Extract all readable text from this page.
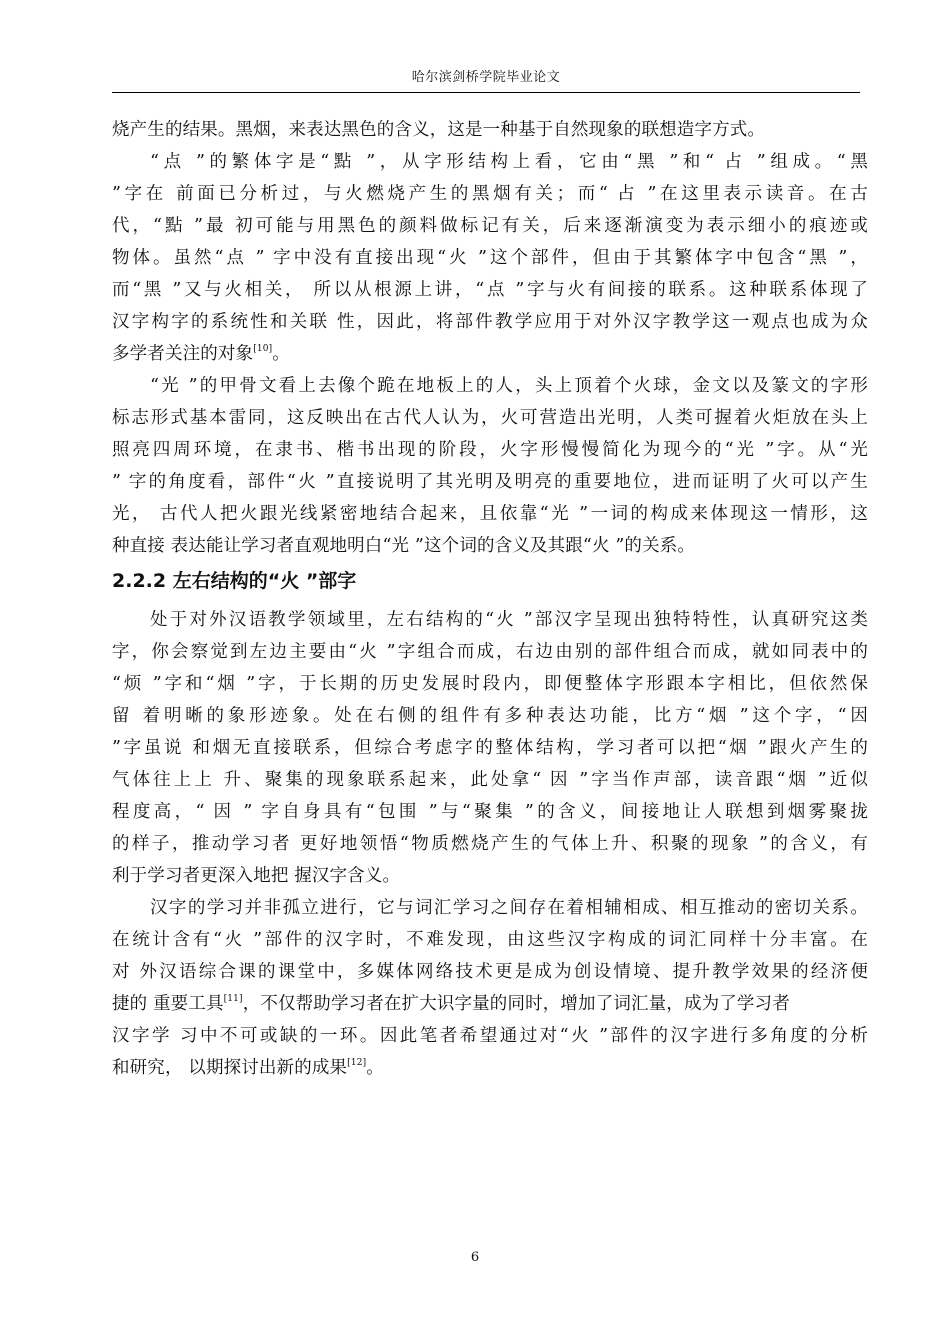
哈尔滨剑桥学院毕业论文
烧产生的结果。黑烟，来表达黑色的含义，这是一种基于自然现象的联想造字方式。
“点 ”的繁体字是“點 ”，从字形结构上看，它由“黑 ”和“ 占 ”组成。“黑
”字在 前面已分析过，与火燃烧产生的黑烟有关；而“ 占 ”在这里表示读音。在古
代，“點 ”最 初可能与用黑色的颜料做标记有关，后来逐渐演变为表示细小的痕迹或
物体。虽然“点 ” 字中没有直接出现“火 ”这个部件，但由于其繁体字中包含“黑 ”，
而“黑 ”又与火相关， 所以从根源上讲，“点 ”字与火有间接的联系。这种联系体现了
汉字构字的系统性和关联 性，因此，将部件教学应用于对外汉字教学这一观点也成为众
多学者关注的对象[10]。
“光 ”的甲骨文看上去像个跪在地板上的人，头上顶着个火球，金文以及篆文的字形
标志形式基本雷同，这反映出在古代人认为，火可营造出光明，人类可握着火炬放在头上
照亮四周环境，在隶书、楷书出现的阶段，火字形慢慢简化为现今的“光 ”字。从“光
” 字的角度看，部件“火 ”直接说明了其光明及明亮的重要地位，进而证明了火可以产生
光， 古代人把火跟光线紧密地结合起来，且依靠“光 ”一词的构成来体现这一情形，这
种直接 表达能让学习者直观地明白“光 ”这个词的含义及其跟“火 ”的关系。
2.2.2 左右结构的“火 ”部字
处于对外汉语教学领域里，左右结构的“火 ”部汉字呈现出独特特性，认真研究这类
字，你会察觉到左边主要由“火 ”字组合而成，右边由别的部件组合而成，就如同表中的
“烦 ”字和“烟 ”字，于长期的历史发展时段内，即便整体字形跟本字相比，但依然保
留 着明晰的象形迹象。处在右侧的组件有多种表达功能，比方“烟 ”这个字，“因
”字虽说 和烟无直接联系，但综合考虑字的整体结构，学习者可以把“烟 ”跟火产生的
气体往上上 升、聚集的现象联系起来，此处拿“ 因 ”字当作声部，读音跟“烟 ”近似
程度高，“ 因 ” 字自身具有“包围 ”与“聚集 ”的含义，间接地让人联想到烟雾聚拢
的样子，推动学习者 更好地领悟“物质燃烧产生的气体上升、积聚的现象 ”的含义，有
利于学习者更深入地把 握汉字含义。
汉字的学习并非孤立进行，它与词汇学习之间存在着相辅相成、相互推动的密切关系。
在统计含有“火 ”部件的汉字时，不难发现，由这些汉字构成的词汇同样十分丰富。在
对 外汉语综合课的课堂中，多媒体网络技术更是成为创设情境、提升教学效果的经济便
捷的 重要工具[11]，不仅帮助学习者在扩大识字量的同时，增加了词汇量，成为了学习者
汉字学 习中不可或缺的一环。因此笔者希望通过对“火 ”部件的汉字进行多角度的分析
和研究， 以期探讨出新的成果[12]。
6
